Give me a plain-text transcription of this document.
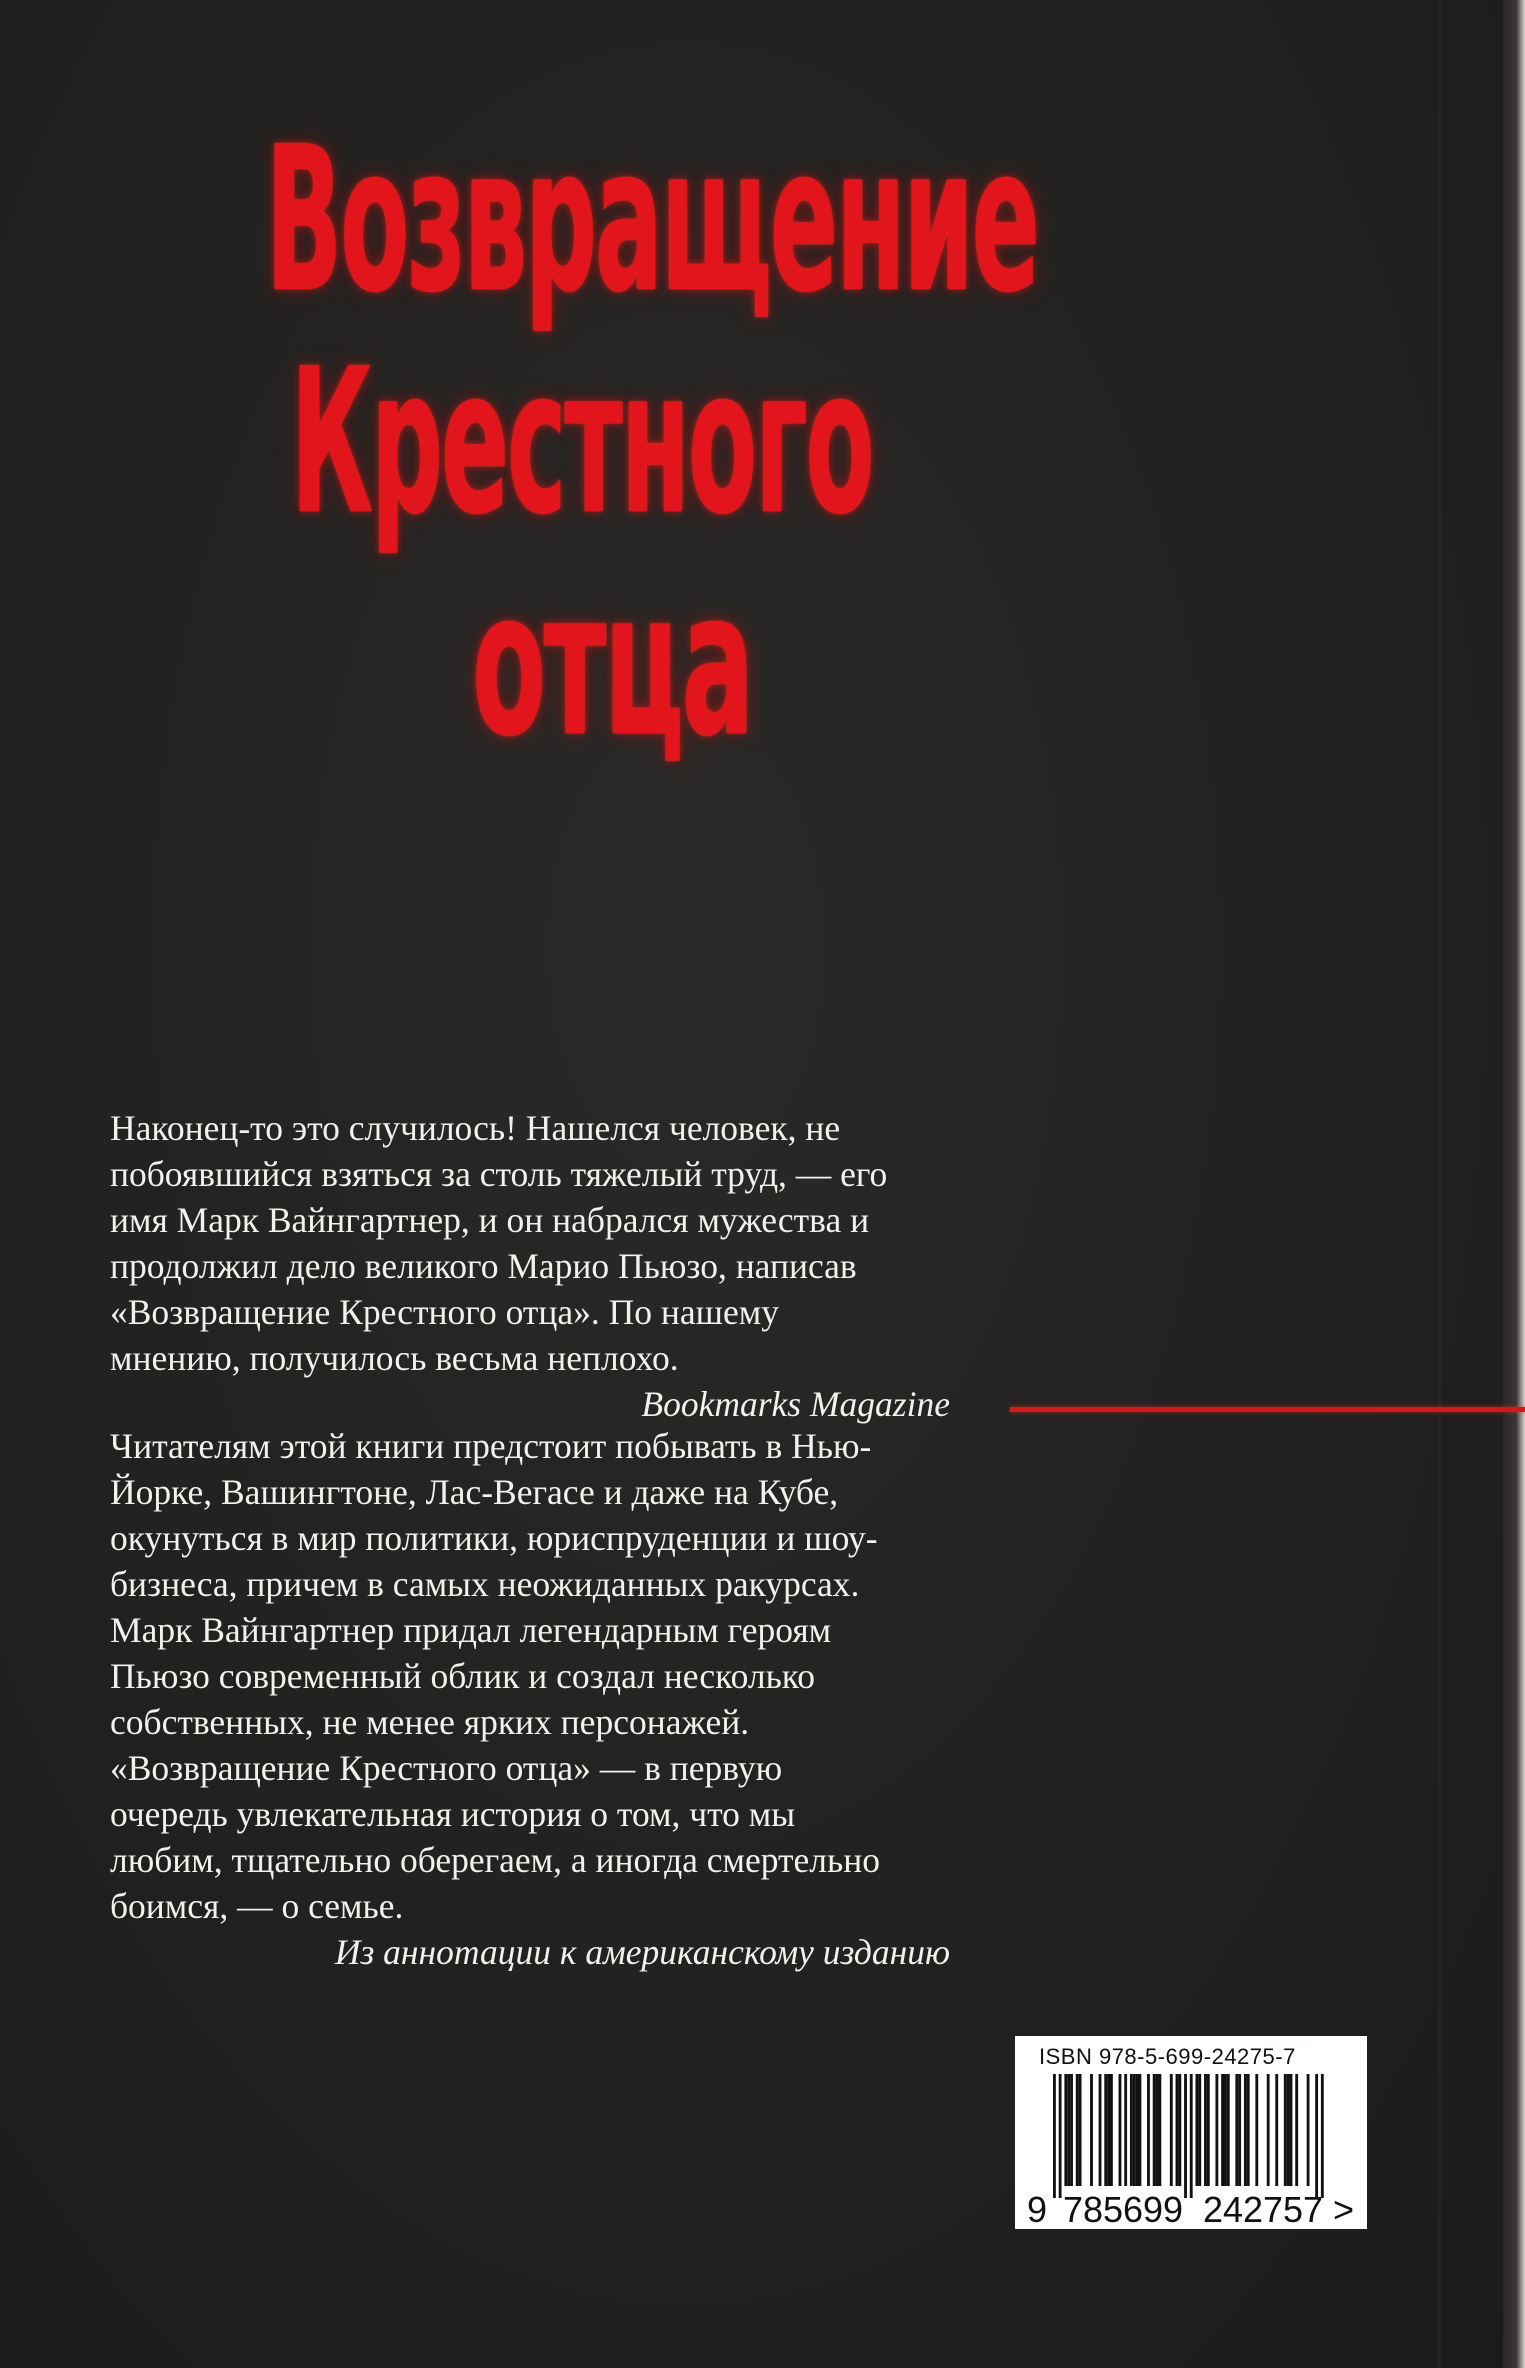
Возвращение
Крестного
отца

Наконец-то это случилось! Нашелся человек, не

побоявшийся взяться за столь тяжелый труд, — его

имя Марк Вайнгартнер, и он набрался мужества и

продолжил дело великого Марио Пьюзо, написав

«Возвращение Крестного отца». По нашему

мнению, получилось весьма неплохо.

Bookmarks Magazine

Читателям этой книги предстоит побывать в Нью-

Йорке, Вашингтоне, Лас-Вегасе и даже на Кубе,

окунуться в мир политики, юриспруденции и шоу-

бизнеса, причем в самых неожиданных ракурсах.

Марк Вайнгартнер придал легендарным героям

Пьюзо современный облик и создал несколько

собственных, не менее ярких персонажей.

«Возвращение Крестного отца» — в первую

очередь увлекательная история о том, что мы

любим, тщательно оберегаем, а иногда смертельно

боимся, — о семье.

Из аннотации к американскому изданию
ISBN 978-5-699-24275-7
9 785699 242757 >
